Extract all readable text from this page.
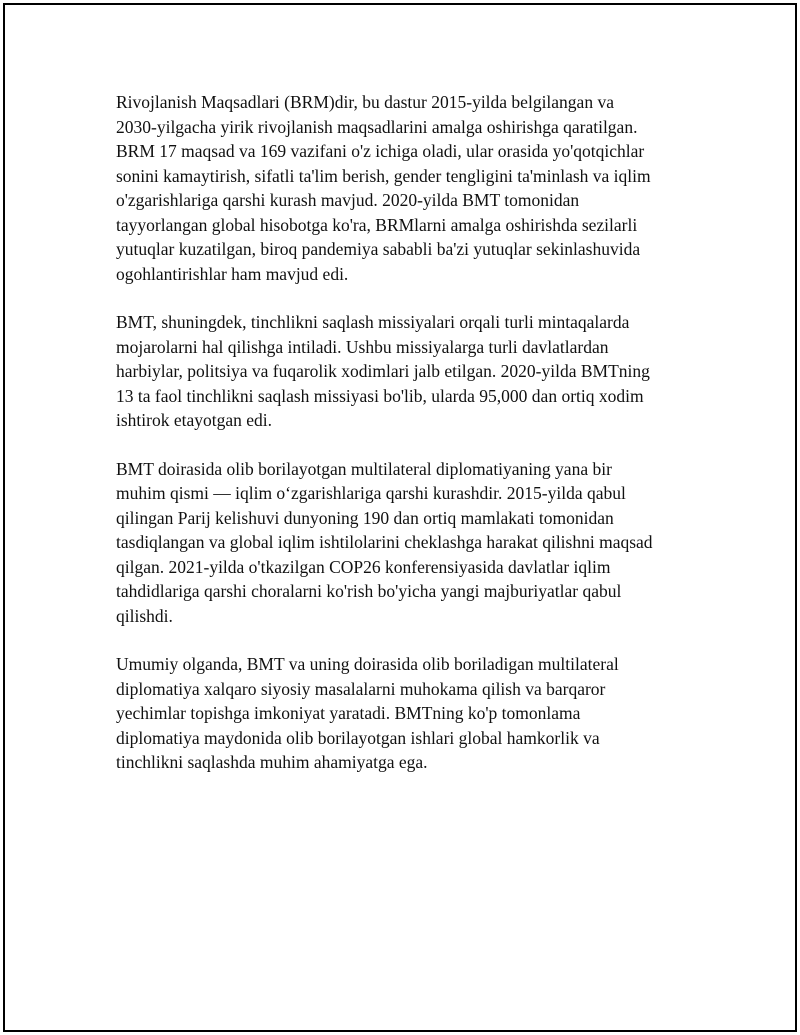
Rivojlanish Maqsadlari (BRM)dir, bu dastur 2015-yilda belgilangan va
2030-yilgacha yirik rivojlanish maqsadlarini amalga oshirishga qaratilgan.
BRM 17 maqsad va 169 vazifani o'z ichiga oladi, ular orasida yo'qotqichlar
sonini kamaytirish, sifatli ta'lim berish, gender tengligini ta'minlash va iqlim
o'zgarishlariga qarshi kurash mavjud. 2020-yilda BMT tomonidan
tayyorlangan global hisobotga ko'ra, BRMlarni amalga oshirishda sezilarli
yutuqlar kuzatilgan, biroq pandemiya sababli ba'zi yutuqlar sekinlashuvida
ogohlantirishlar ham mavjud edi.

BMT, shuningdek, tinchlikni saqlash missiyalari orqali turli mintaqalarda
mojarolarni hal qilishga intiladi. Ushbu missiyalarga turli davlatlardan
harbiylar, politsiya va fuqarolik xodimlari jalb etilgan. 2020-yilda BMTning
13 ta faol tinchlikni saqlash missiyasi bo'lib, ularda 95,000 dan ortiq xodim
ishtirok etayotgan edi.

BMT doirasida olib borilayotgan multilateral diplomatiyaning yana bir
muhim qismi — iqlim o‘zgarishlariga qarshi kurashdir. 2015-yilda qabul
qilingan Parij kelishuvi dunyoning 190 dan ortiq mamlakati tomonidan
tasdiqlangan va global iqlim ishtilolarini cheklashga harakat qilishni maqsad
qilgan. 2021-yilda o'tkazilgan COP26 konferensiyasida davlatlar iqlim
tahdidlariga qarshi choralarni ko'rish bo'yicha yangi majburiyatlar qabul
qilishdi.

Umumiy olganda, BMT va uning doirasida olib boriladigan multilateral
diplomatiya xalqaro siyosiy masalalarni muhokama qilish va barqaror
yechimlar topishga imkoniyat yaratadi. BMTning ko'p tomonlama
diplomatiya maydonida olib borilayotgan ishlari global hamkorlik va
tinchlikni saqlashda muhim ahamiyatga ega.
